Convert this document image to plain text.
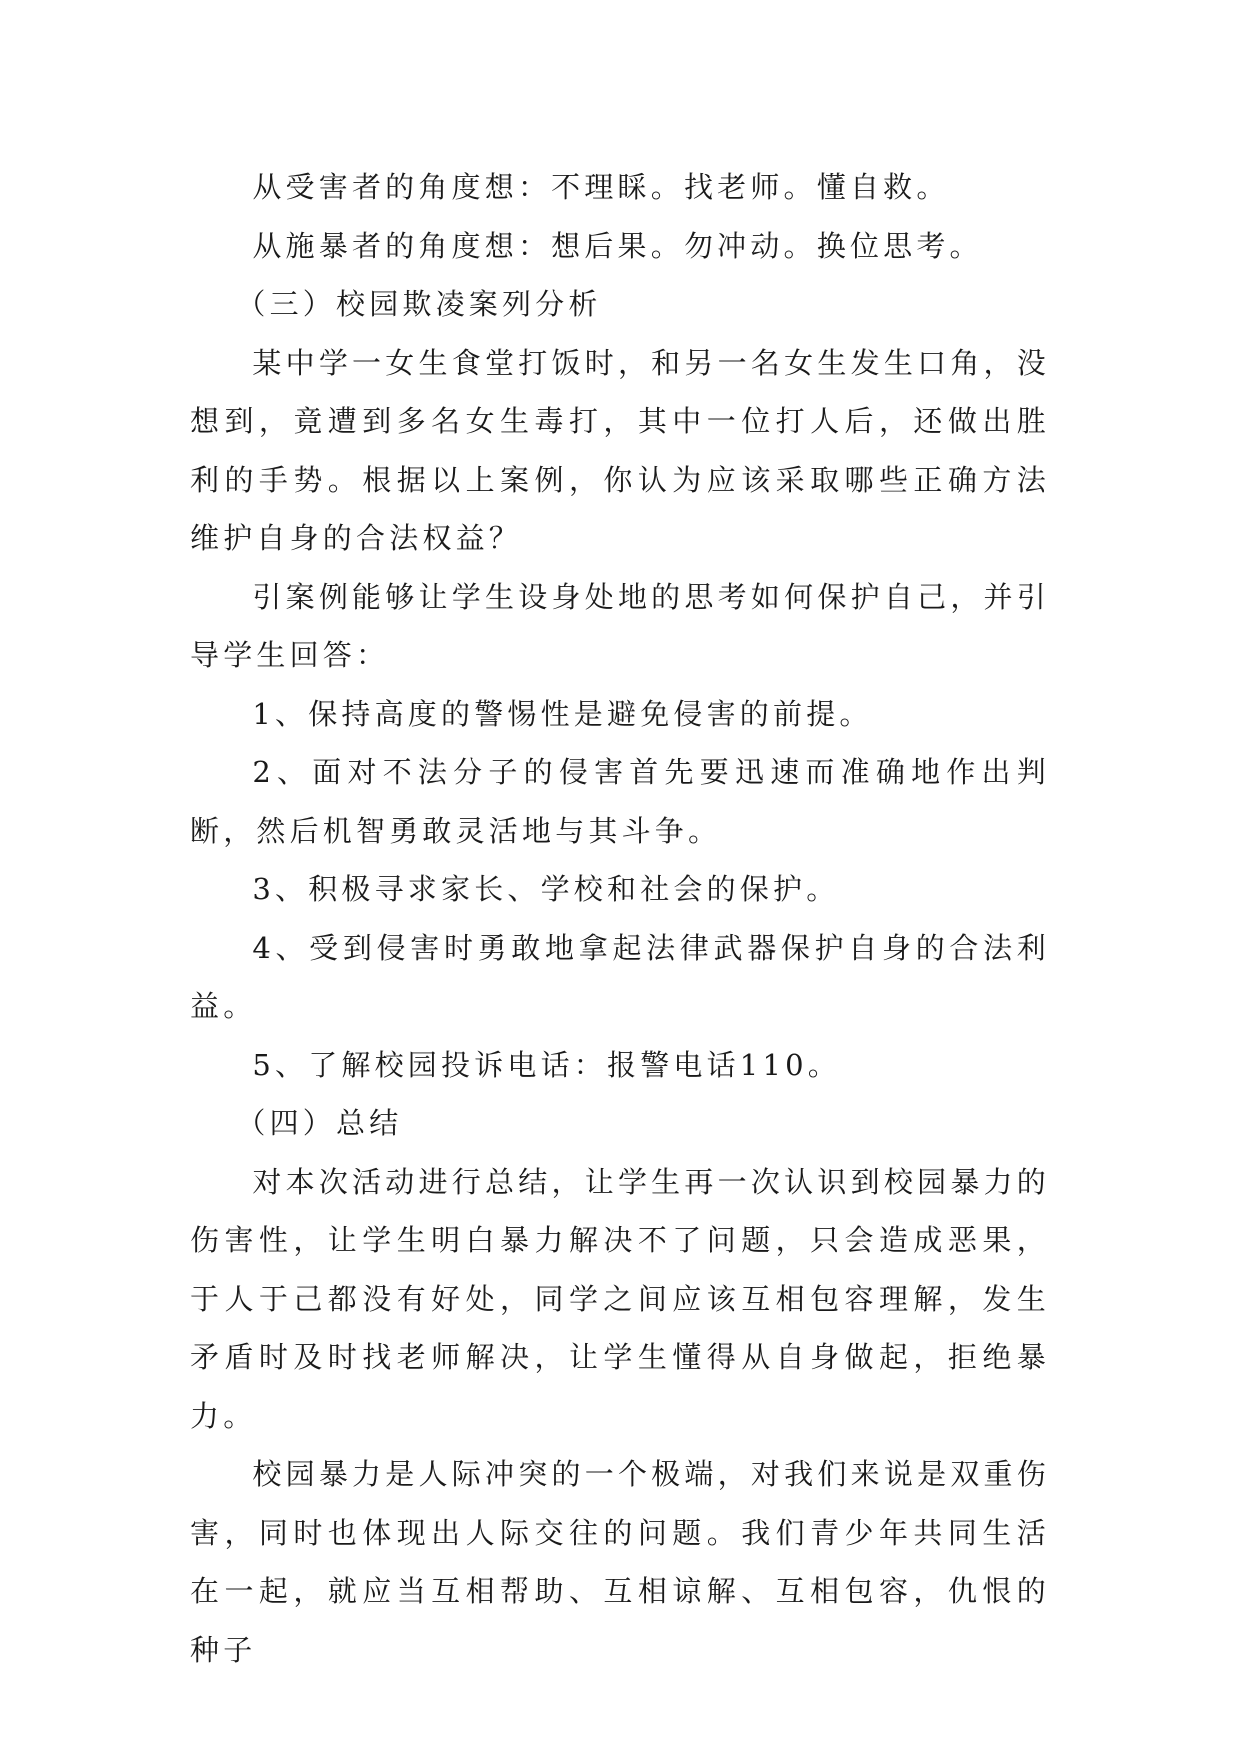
从受害者的角度想：不理睬。找老师。懂自救。

从施暴者的角度想：想后果。勿冲动。换位思考。

（三）校园欺凌案列分析

某中学一女生食堂打饭时，和另一名女生发生口角，没想到，竟遭到多名女生毒打，其中一位打人后，还做出胜利的手势。根据以上案例，你认为应该采取哪些正确方法维护自身的合法权益？

引案例能够让学生设身处地的思考如何保护自己，并引导学生回答：

1、保持高度的警惕性是避免侵害的前提。

2、面对不法分子的侵害首先要迅速而准确地作出判断，然后机智勇敢灵活地与其斗争。

3、积极寻求家长、学校和社会的保护。

4、受到侵害时勇敢地拿起法律武器保护自身的合法利益。

5、了解校园投诉电话：报警电话110。

（四）总结

对本次活动进行总结，让学生再一次认识到校园暴力的伤害性，让学生明白暴力解决不了问题，只会造成恶果，于人于己都没有好处，同学之间应该互相包容理解，发生矛盾时及时找老师解决，让学生懂得从自身做起，拒绝暴力。

校园暴力是人际冲突的一个极端，对我们来说是双重伤害，同时也体现出人际交往的问题。我们青少年共同生活在一起，就应当互相帮助、互相谅解、互相包容，仇恨的种子
